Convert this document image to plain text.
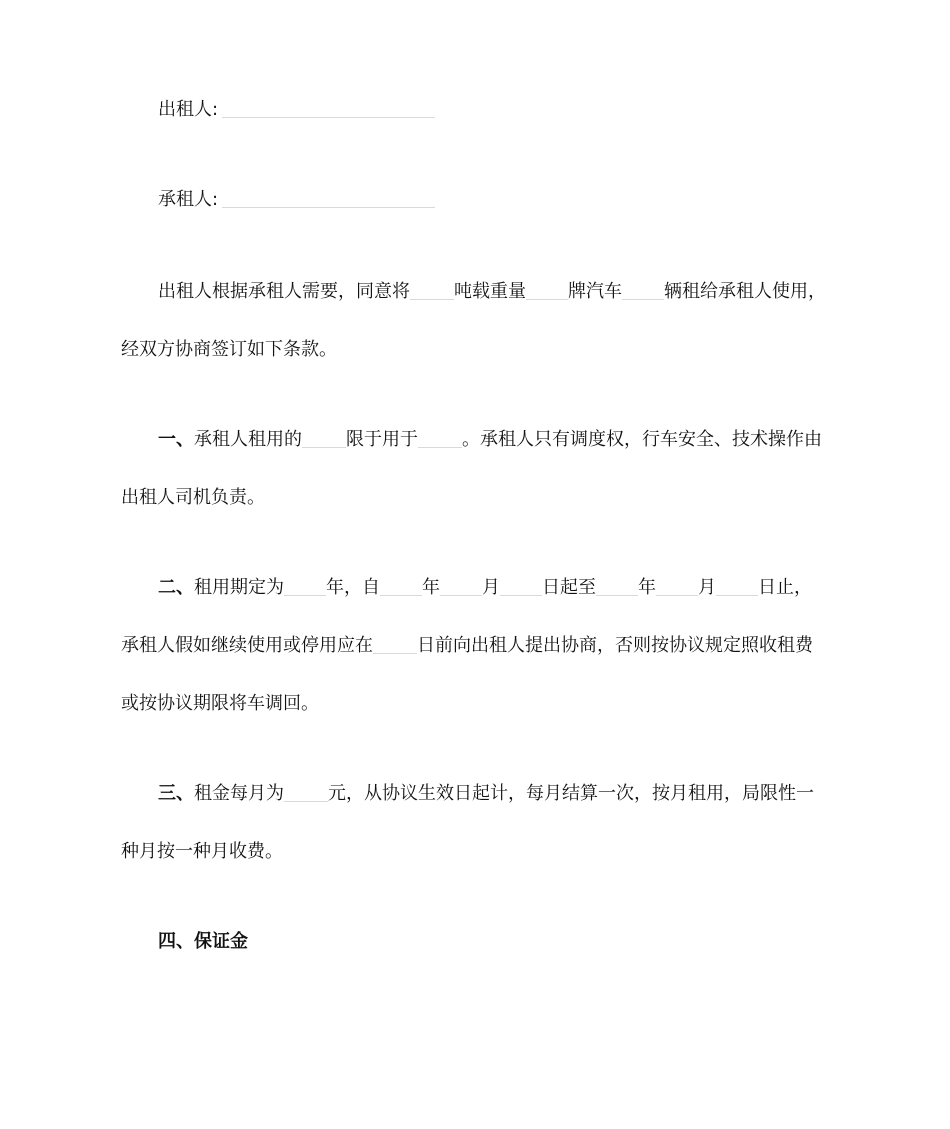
出租人:
承租人:
出租人根据承租人需要，同意将 吨载重量 牌汽车 辆租给承租人使用，
经双方协商签订如下条款。
一、承租人租用的 限于用于 。承租人只有调度权，行车安全、技术操作由
出租人司机负责。
二、租用期定为 年，自 年 月 日起至 年 月 日止，
承租人假如继续使用或停用应在 日前向出租人提出协商，否则按协议规定照收租费
或按协议期限将车调回。
三、租金每月为 元，从协议生效日起计，每月结算一次，按月租用，局限性一
种月按一种月收费。
四、保证金
